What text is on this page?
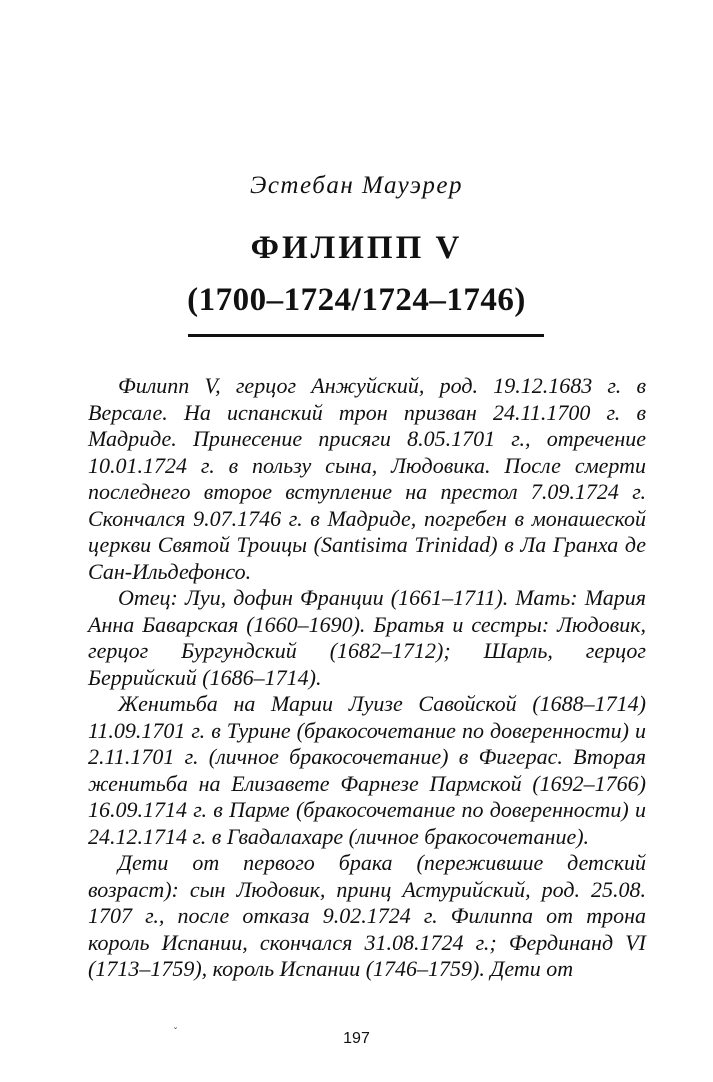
Эстебан Мауэрер
ФИЛИПП V
(1700–1724/1724–1746)

Филипп V, герцог Анжуйский, род. 19.12.1683 г. в Версале. На испанский трон призван 24.11.1700 г. в Мадриде. Принесение присяги 8.05.1701 г., отречение 10.01.1724 г. в пользу сына, Людовика. После смерти последнего второе вступление на престол 7.09.1724 г. Скончался 9.07.1746 г. в Мадриде, погребен в монашеской церкви Святой Троицы (Santisima Trinidad) в Ла Гранха де Сан-Ильдефонсо.

Отец: Луи, дофин Франции (1661–1711). Мать: Мария Анна Баварская (1660–1690). Братья и сестры: Людовик, герцог Бургундский (1682–1712); Шарль, герцог Беррийский (1686–1714).

Женитьба на Марии Луизе Савойской (1688–1714) 11.09.1701 г. в Турине (бракосочетание по доверенности) и 2.11.1701 г. (личное бракосочетание) в Фигерас. Вторая женитьба на Елизавете Фарнезе Пармской (1692–1766) 16.09.1714 г. в Парме (бракосочетание по доверенности) и 24.12.1714 г. в Гвадалахаре (личное бракосочетание).

Дети от первого брака (пережившие детский возраст): сын Людовик, принц Астурийский, род. 25.08. 1707 г., после отказа 9.02.1724 г. Филиппа от трона король Испании, скончался 31.08.1724 г.; Фердинанд VI (1713–1759), король Испании (1746–1759). Дети от

ˇ	197
